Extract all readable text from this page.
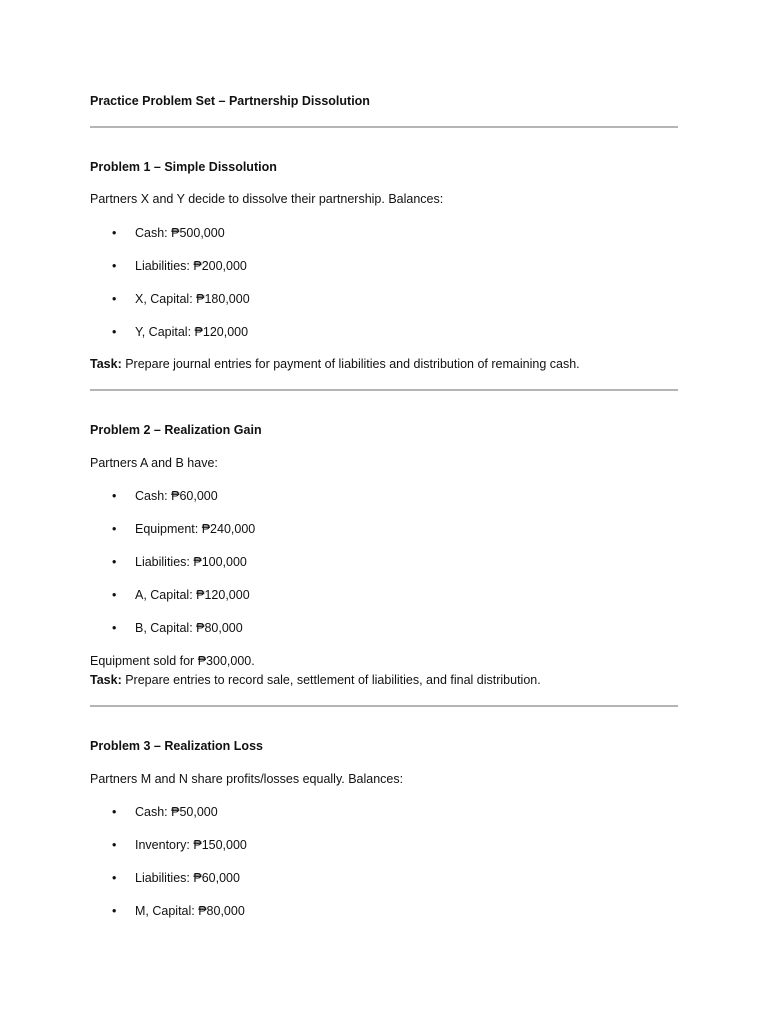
Practice Problem Set – Partnership Dissolution

Problem 1 – Simple Dissolution

Partners X and Y decide to dissolve their partnership. Balances:

•	Cash: ₱500,000
•	Liabilities: ₱200,000
•	X, Capital: ₱180,000
•	Y, Capital: ₱120,000

Task: Prepare journal entries for payment of liabilities and distribution of remaining cash.

Problem 2 – Realization Gain

Partners A and B have:

•	Cash: ₱60,000
•	Equipment: ₱240,000
•	Liabilities: ₱100,000
•	A, Capital: ₱120,000
•	B, Capital: ₱80,000

Equipment sold for ₱300,000.

Task: Prepare entries to record sale, settlement of liabilities, and final distribution.

Problem 3 – Realization Loss

Partners M and N share profits/losses equally. Balances:

•	Cash: ₱50,000
•	Inventory: ₱150,000
•	Liabilities: ₱60,000
•	M, Capital: ₱80,000
